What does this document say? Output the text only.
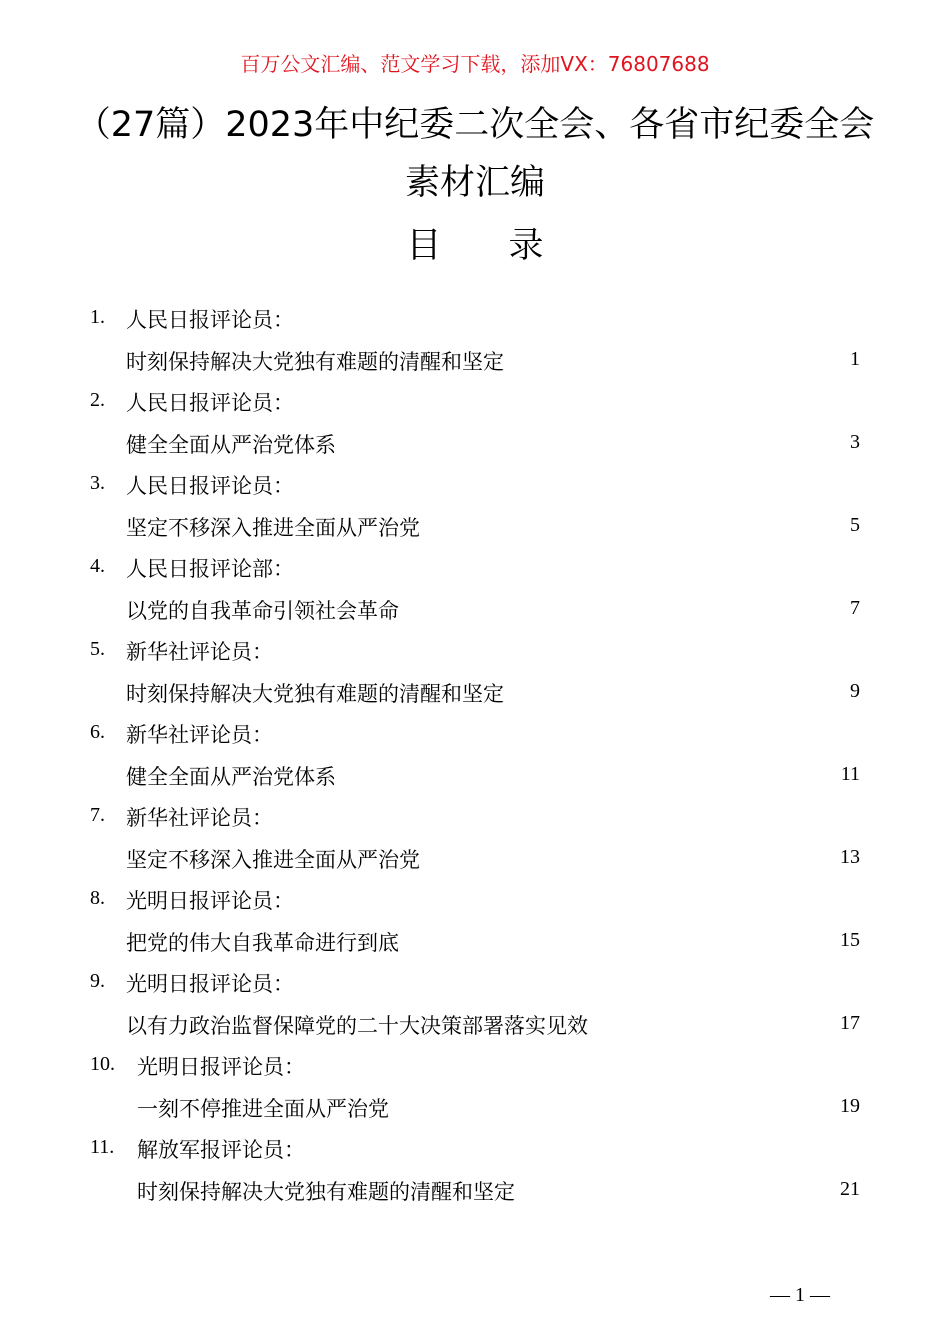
百万公文汇编、范文学习下载，添加VX：76807688
（27篇）2023年中纪委二次全会、各省市纪委全会素材汇编
目 录
1. 人民日报评论员：
时刻保持解决大党独有难题的清醒和坚定	1
2. 人民日报评论员：
健全全面从严治党体系	3
3. 人民日报评论员：
坚定不移深入推进全面从严治党	5
4. 人民日报评论部：
以党的自我革命引领社会革命	7
5. 新华社评论员：
时刻保持解决大党独有难题的清醒和坚定	9
6. 新华社评论员：
健全全面从严治党体系	11
7. 新华社评论员：
坚定不移深入推进全面从严治党	13
8. 光明日报评论员：
把党的伟大自我革命进行到底	15
9. 光明日报评论员：
以有力政治监督保障党的二十大决策部署落实见效	17
10. 光明日报评论员：
一刻不停推进全面从严治党	19
11. 解放军报评论员：
时刻保持解决大党独有难题的清醒和坚定	21
— 1 —
